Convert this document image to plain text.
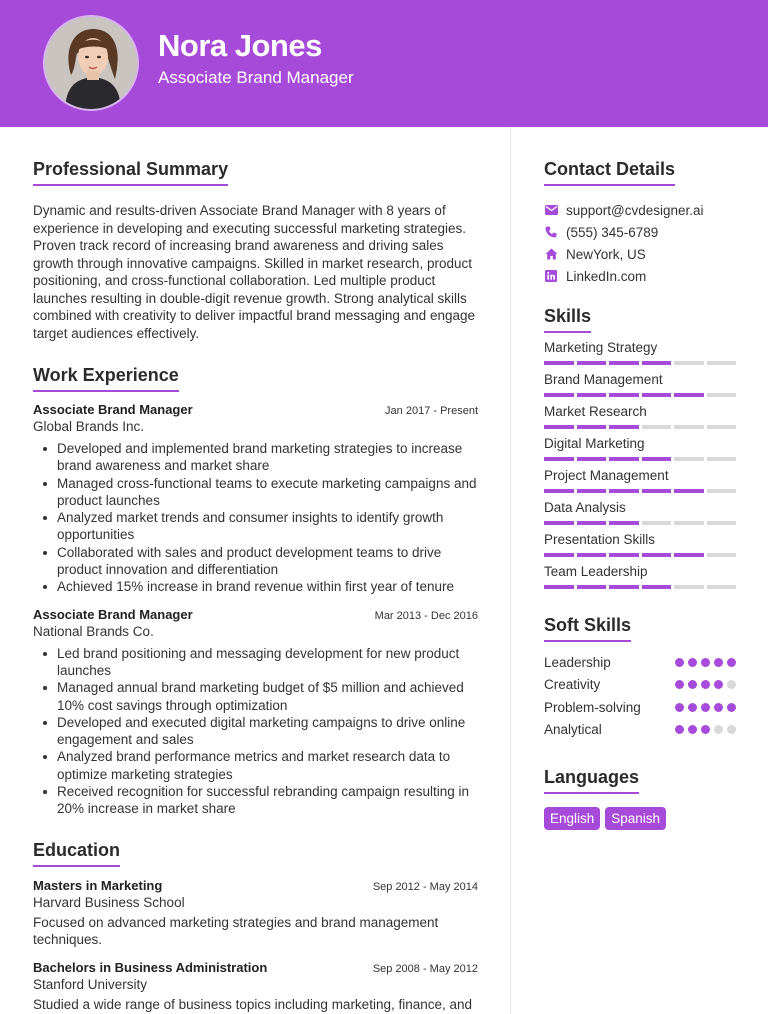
Nora Jones
Associate Brand Manager
Professional Summary

Dynamic and results-driven Associate Brand Manager with 8 years of experience in developing and executing successful marketing strategies. Proven track record of increasing brand awareness and driving sales growth through innovative campaigns. Skilled in market research, product positioning, and cross-functional collaboration. Led multiple product launches resulting in double-digit revenue growth. Strong analytical skills combined with creativity to deliver impactful brand messaging and engage target audiences effectively.

Work Experience
Associate Brand Manager	Jan 2017 - Present
Global Brands Inc.
Developed and implemented brand marketing strategies to increase brand awareness and market share
Managed cross-functional teams to execute marketing campaigns and product launches
Analyzed market trends and consumer insights to identify growth opportunities
Collaborated with sales and product development teams to drive product innovation and differentiation
Achieved 15% increase in brand revenue within first year of tenure
Associate Brand Manager	Mar 2013 - Dec 2016
National Brands Co.
Led brand positioning and messaging development for new product launches
Managed annual brand marketing budget of $5 million and achieved 10% cost savings through optimization
Developed and executed digital marketing campaigns to drive online engagement and sales
Analyzed brand performance metrics and market research data to optimize marketing strategies
Received recognition for successful rebranding campaign resulting in 20% increase in market share
Education
Masters in Marketing	Sep 2012 - May 2014
Harvard Business School

Focused on advanced marketing strategies and brand management techniques.

Bachelors in Business Administration	Sep 2008 - May 2012
Stanford University

Studied a wide range of business topics including marketing, finance, and

Contact Details
support@cvdesigner.ai
(555) 345-6789
NewYork, US
LinkedIn.com
Skills
Marketing Strategy
Brand Management
Market Research
Digital Marketing
Project Management
Data Analysis
Presentation Skills
Team Leadership
Soft Skills
Leadership
Creativity
Problem-solving
Analytical
Languages
English	Spanish
